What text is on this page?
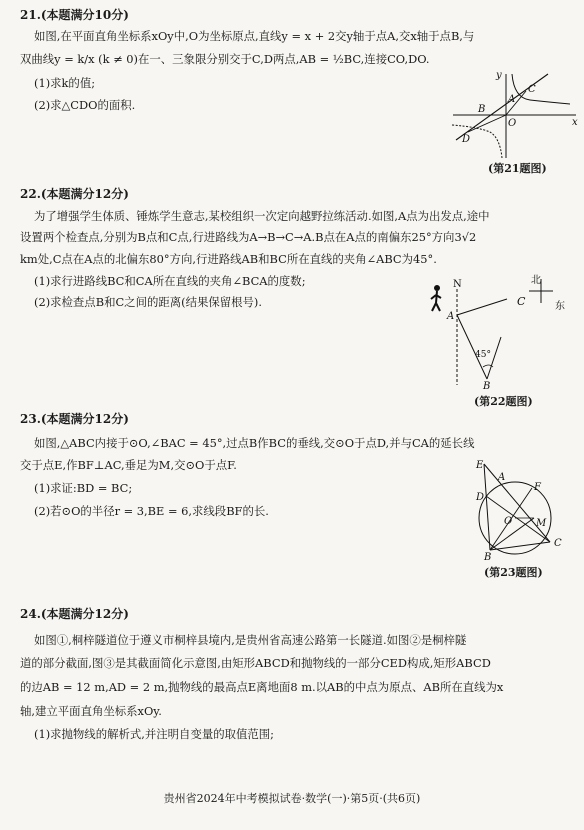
21.(本题满分10分)
如图,在平面直角坐标系xOy中,O为坐标原点,直线y = x + 2交y轴于点A,交x轴于点B,与
双曲线y = k/x (k ≠ 0)在一、三象限分别交于C,D两点,AB = ½BC,连接CO,DO.
(1)求k的值;
(2)求△CDO的面积.
y
x
A
B
C
D
O
(第21题图)
22.(本题满分12分)
为了增强学生体质、锤炼学生意志,某校组织一次定向越野拉练活动.如图,A点为出发点,途中
设置两个检查点,分别为B点和C点,行进路线为A→B→C→A.B点在A点的南偏东25°方向3√2
km处,C点在A点的北偏东80°方向,行进路线AB和BC所在直线的夹角∠ABC为45°.
(1)求行进路线BC和CA所在直线的夹角∠BCA的度数;
(2)求检查点B和C之间的距离(结果保留根号).
N
A
B
C
北
东
45°
(第22题图)
23.(本题满分12分)
如图,△ABC内接于⊙O,∠BAC = 45°,过点B作BC的垂线,交⊙O于点D,并与CA的延长线
交于点E,作BF⊥AC,垂足为M,交⊙O于点F.
(1)求证:BD = BC;
(2)若⊙O的半径r = 3,BE = 6,求线段BF的长.
E
A
D
F
O M
B
C
(第23题图)
24.(本题满分12分)
如图①,桐梓隧道位于遵义市桐梓县境内,是贵州省高速公路第一长隧道.如图②是桐梓隧
道的部分截面,图③是其截面简化示意图,由矩形ABCD和抛物线的一部分CED构成,矩形ABCD
的边AB = 12 m,AD = 2 m,抛物线的最高点E离地面8 m.以AB的中点为原点、AB所在直线为x
轴,建立平面直角坐标系xOy.
(1)求抛物线的解析式,并注明自变量的取值范围;
贵州省2024年中考模拟试卷·数学(一)·第5页·(共6页)
